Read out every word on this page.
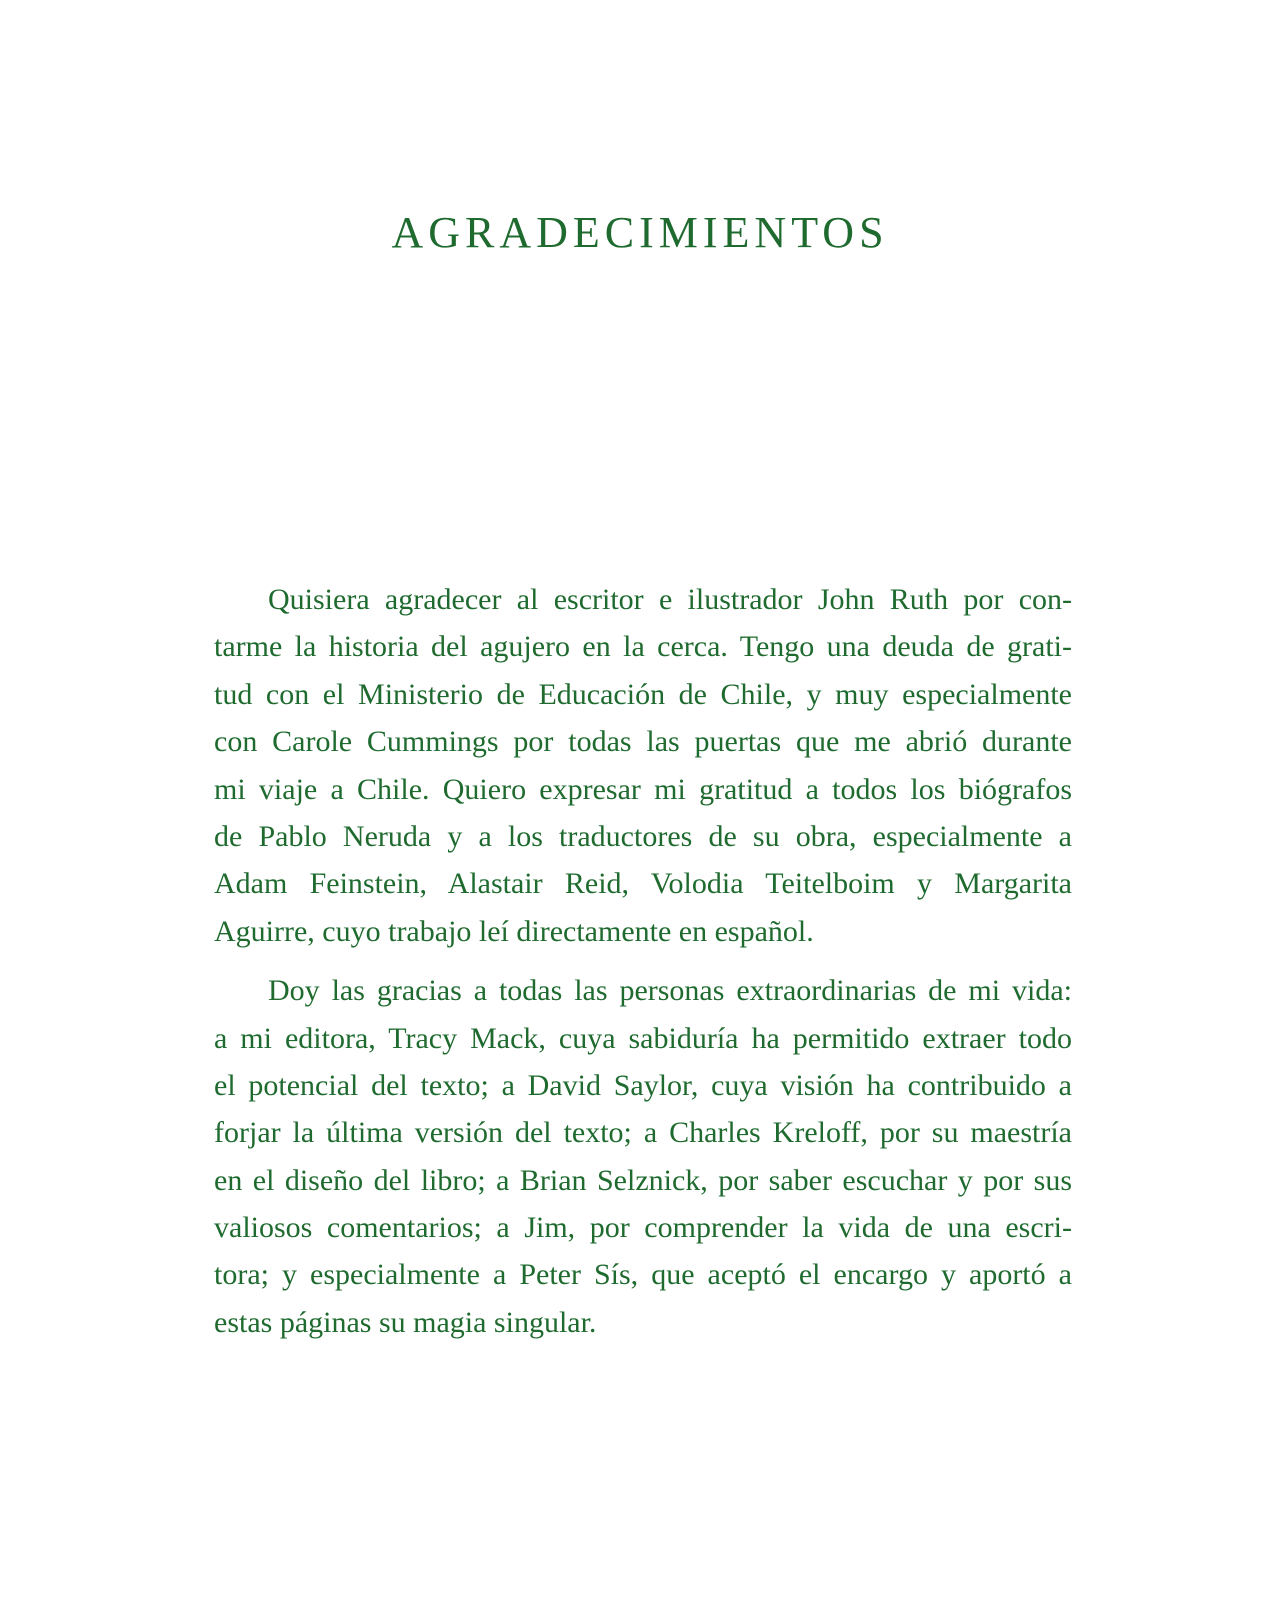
AGRADECIMIENTOS
Quisiera agradecer al escritor e ilustrador John Ruth por con-
tarme la historia del agujero en la cerca. Tengo una deuda de grati-
tud con el Ministerio de Educación de Chile, y muy especialmente
con Carole Cummings por todas las puertas que me abrió durante
mi viaje a Chile. Quiero expresar mi gratitud a todos los biógrafos
de Pablo Neruda y a los traductores de su obra, especialmente a
Adam Feinstein, Alastair Reid, Volodia Teitelboim y Margarita
Aguirre, cuyo trabajo leí directamente en español.
Doy las gracias a todas las personas extraordinarias de mi vida:
a mi editora, Tracy Mack, cuya sabiduría ha permitido extraer todo
el potencial del texto; a David Saylor, cuya visión ha contribuido a
forjar la última versión del texto; a Charles Kreloff, por su maestría
en el diseño del libro; a Brian Selznick, por saber escuchar y por sus
valiosos comentarios; a Jim, por comprender la vida de una escri-
tora; y especialmente a Peter Sís, que aceptó el encargo y aportó a
estas páginas su magia singular.
